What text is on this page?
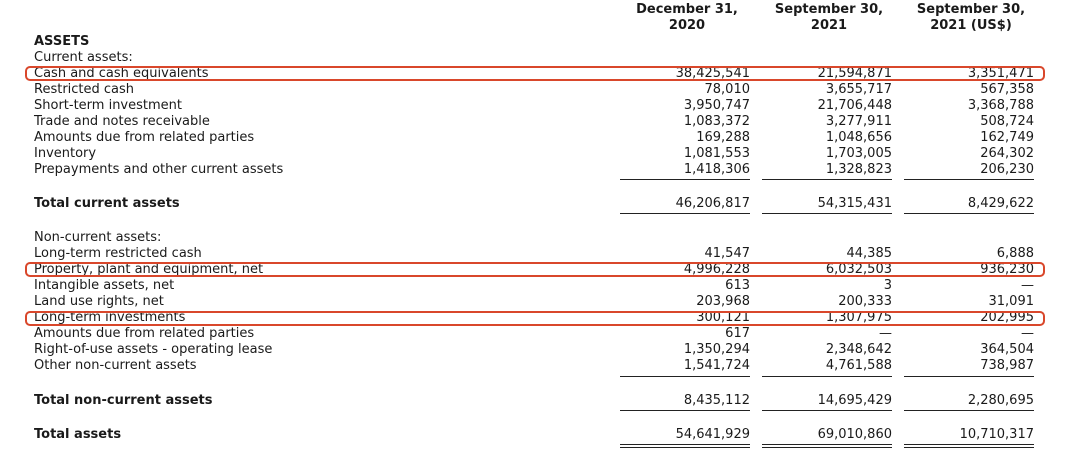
December 31,
2020
September 30,
2021
September 30,
2021 (US$)
ASSETS
Current assets:
Cash and cash equivalents	38,425,541	21,594,871	3,351,471
Restricted cash	78,010	3,655,717	567,358
Short-term investment	3,950,747	21,706,448	3,368,788
Trade and notes receivable	1,083,372	3,277,911	508,724
Amounts due from related parties	169,288	1,048,656	162,749
Inventory	1,081,553	1,703,005	264,302
Prepayments and other current assets	1,418,306	1,328,823	206,230
Total current assets	46,206,817	54,315,431	8,429,622
Non-current assets:
Long-term restricted cash	41,547	44,385	6,888
Property, plant and equipment, net	4,996,228	6,032,503	936,230
Intangible assets, net	613	3	—
Land use rights, net	203,968	200,333	31,091
Long-term investments	300,121	1,307,975	202,995
Amounts due from related parties	617	—	—
Right-of-use assets - operating lease	1,350,294	2,348,642	364,504
Other non-current assets	1,541,724	4,761,588	738,987
Total non-current assets	8,435,112	14,695,429	2,280,695
Total assets	54,641,929	69,010,860	10,710,317
